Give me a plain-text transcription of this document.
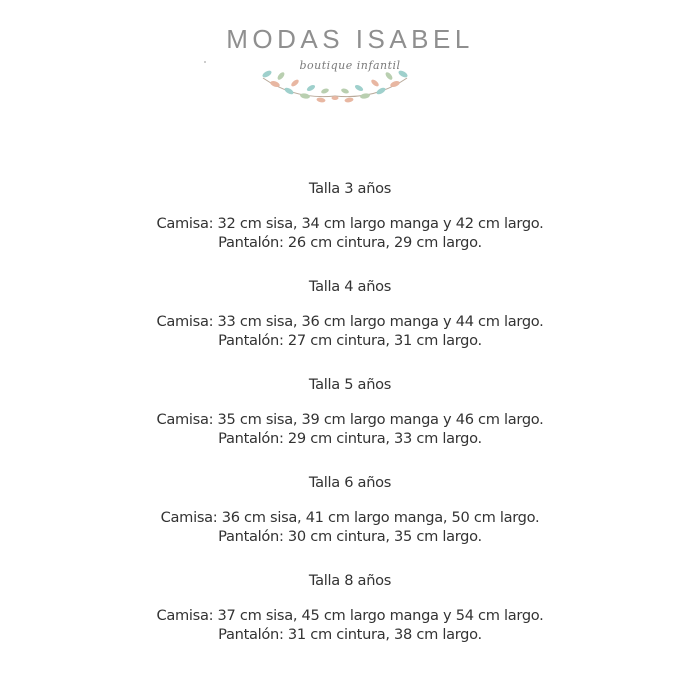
MODAS ISABEL
boutique infantil
Talla 3 años
Camisa: 32 cm sisa, 34 cm largo manga y 42 cm largo.
Pantalón: 26 cm cintura, 29 cm largo.
Talla 4 años
Camisa: 33 cm sisa, 36 cm largo manga y 44 cm largo.
Pantalón: 27 cm cintura, 31 cm largo.
Talla 5 años
Camisa: 35 cm sisa, 39 cm largo manga y 46 cm largo.
Pantalón: 29 cm cintura, 33 cm largo.
Talla 6 años
Camisa: 36 cm sisa, 41 cm largo manga, 50 cm largo.
Pantalón: 30 cm cintura, 35 cm largo.
Talla 8 años
Camisa: 37 cm sisa, 45 cm largo manga y 54 cm largo.
Pantalón: 31 cm cintura, 38 cm largo.
